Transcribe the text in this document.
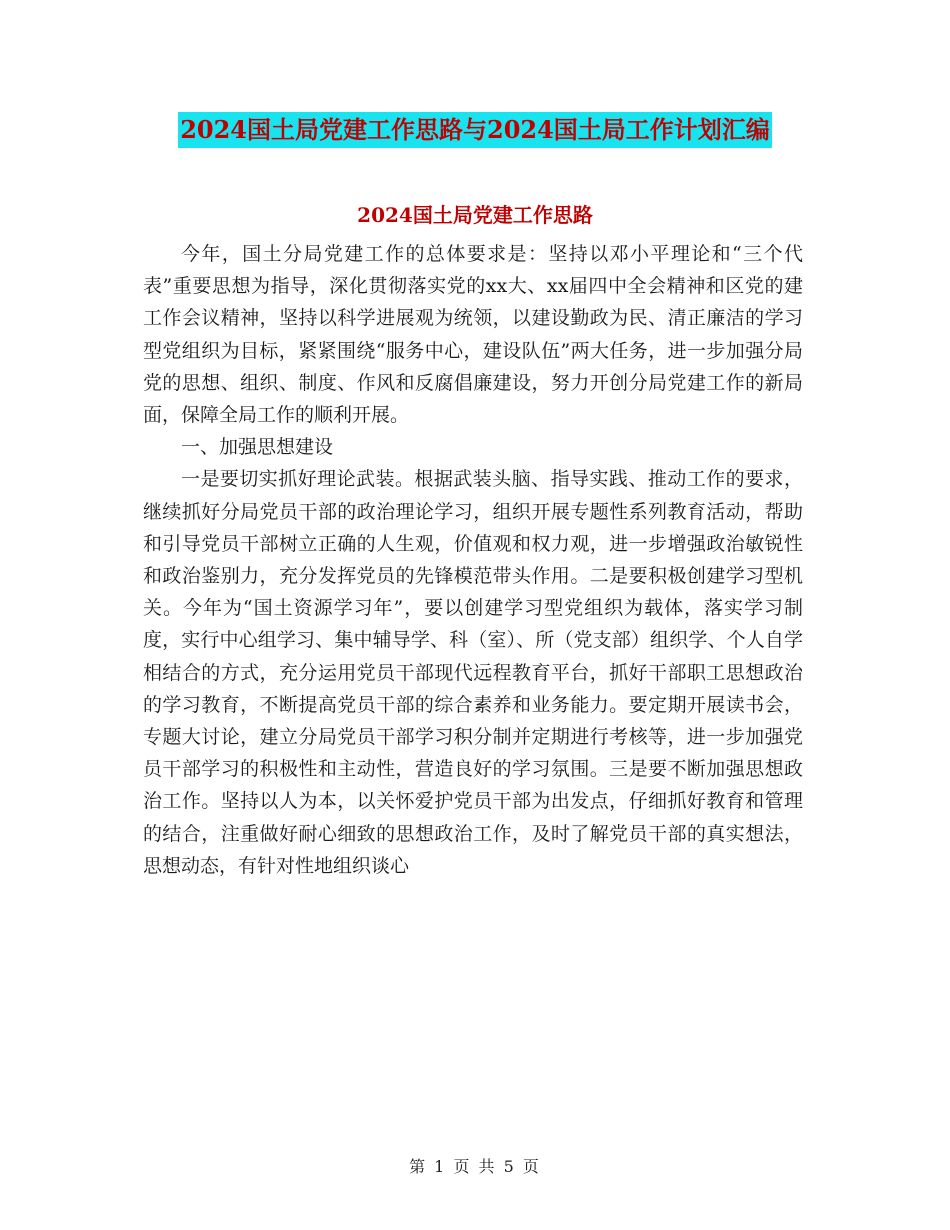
2024国土局党建工作思路与2024国土局工作计划汇编
2024国土局党建工作思路

今年，国土分局党建工作的总体要求是：坚持以邓小平理论和“三个代表”重要思想为指导，深化贯彻落实党的xx大、xx届四中全会精神和区党的建工作会议精神，坚持以科学进展观为统领，以建设勤政为民、清正廉洁的学习型党组织为目标，紧紧围绕“服务中心，建设队伍”两大任务，进一步加强分局党的思想、组织、制度、作风和反腐倡廉建设，努力开创分局党建工作的新局面，保障全局工作的顺利开展。

一、加强思想建设

一是要切实抓好理论武装。根据武装头脑、指导实践、推动工作的要求，继续抓好分局党员干部的政治理论学习，组织开展专题性系列教育活动，帮助和引导党员干部树立正确的人生观，价值观和权力观，进一步增强政治敏锐性和政治鉴别力，充分发挥党员的先锋模范带头作用。二是要积极创建学习型机关。今年为“国土资源学习年”，要以创建学习型党组织为载体，落实学习制度，实行中心组学习、集中辅导学、科（室）、所（党支部）组织学、个人自学相结合的方式，充分运用党员干部现代远程教育平台，抓好干部职工思想政治的学习教育，不断提高党员干部的综合素养和业务能力。要定期开展读书会，专题大讨论，建立分局党员干部学习积分制并定期进行考核等，进一步加强党员干部学习的积极性和主动性，营造良好的学习氛围。三是要不断加强思想政治工作。坚持以人为本，以关怀爱护党员干部为出发点，仔细抓好教育和管理的结合，注重做好耐心细致的思想政治工作，及时了解党员干部的真实想法，思想动态，有针对性地组织谈心

第 1 页 共 5 页
